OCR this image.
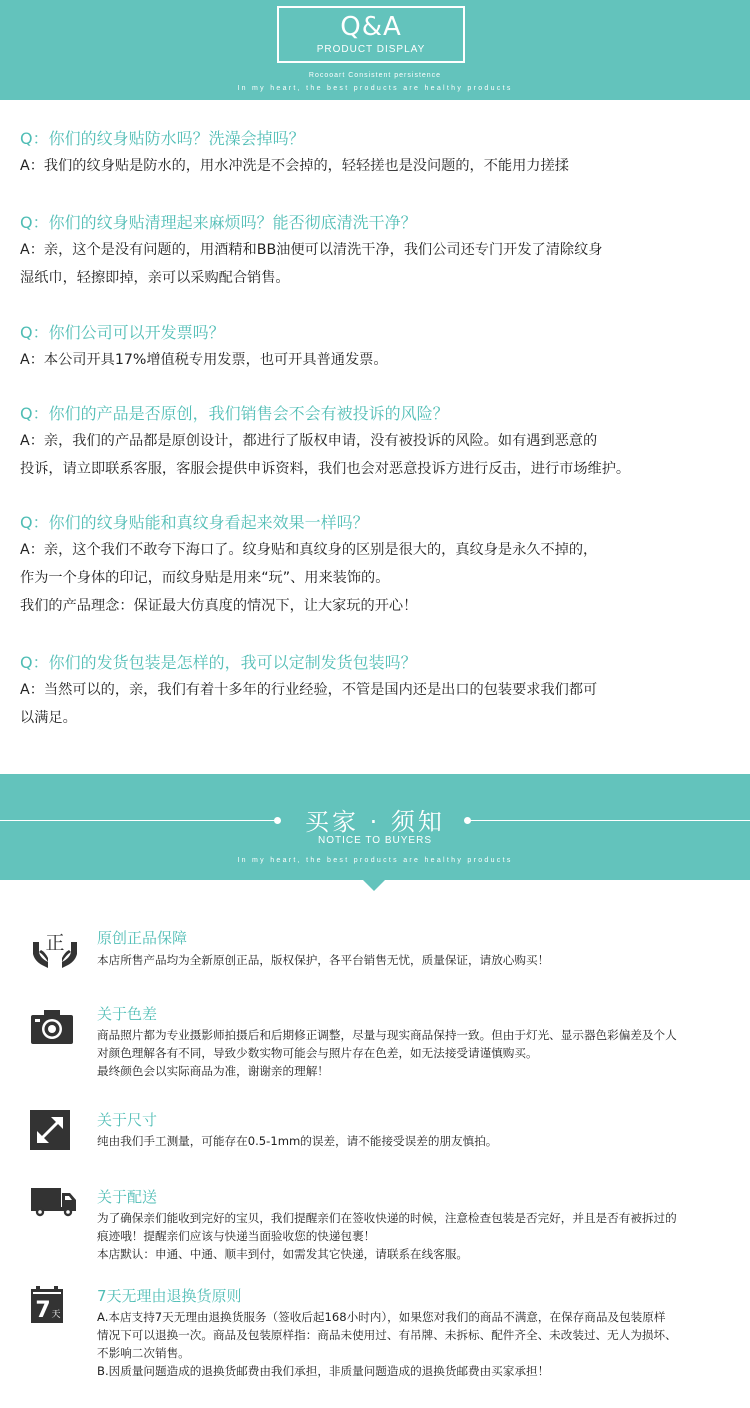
Q&A
PRODUCT DISPLAY
Rocooart Consistent persistence
In my heart, the best products are healthy products
Q：你们的纹身贴防水吗？洗澡会掉吗？
A：我们的纹身贴是防水的，用水冲洗是不会掉的，轻轻搓也是没问题的，不能用力搓揉
Q：你们的纹身贴清理起来麻烦吗？能否彻底清洗干净？
A：亲，这个是没有问题的，用酒精和BB油便可以清洗干净，我们公司还专门开发了清除纹身
湿纸巾，轻擦即掉，亲可以采购配合销售。
Q：你们公司可以开发票吗？
A：本公司开具17%增值税专用发票，也可开具普通发票。
Q：你们的产品是否原创，我们销售会不会有被投诉的风险？
A：亲，我们的产品都是原创设计，都进行了版权申请，没有被投诉的风险。如有遇到恶意的
投诉，请立即联系客服，客服会提供申诉资料，我们也会对恶意投诉方进行反击，进行市场维护。
Q：你们的纹身贴能和真纹身看起来效果一样吗？
A：亲，这个我们不敢夸下海口了。纹身贴和真纹身的区别是很大的，真纹身是永久不掉的，
作为一个身体的印记，而纹身贴是用来“玩”、用来装饰的。
我们的产品理念：保证最大仿真度的情况下，让大家玩的开心！
Q：你们的发货包装是怎样的，我可以定制发货包装吗？
A：当然可以的，亲，我们有着十多年的行业经验，不管是国内还是出口的包装要求我们都可
以满足。
买家 · 须知
NOTICE TO BUYERS
In my heart, the best products are healthy products
正 原创正品保障
本店所售产品均为全新原创正品，版权保护，各平台销售无忧，质量保证，请放心购买！
关于色差
商品照片都为专业摄影师拍摄后和后期修正调整，尽量与现实商品保持一致。但由于灯光、显示器色彩偏差及个人
对颜色理解各有不同，导致少数实物可能会与照片存在色差，如无法接受请谨慎购买。
最终颜色会以实际商品为准，谢谢亲的理解！
关于尺寸
纯由我们手工测量，可能存在0.5-1mm的误差，请不能接受误差的朋友慎拍。
关于配送
为了确保亲们能收到完好的宝贝，我们提醒亲们在签收快递的时候，注意检查包装是否完好，并且是否有被拆过的
痕迹哦！提醒亲们应该与快递当面验收您的快递包裹！
本店默认：申通、中通、顺丰到付，如需发其它快递，请联系在线客服。
7 天
7天无理由退换货原则
A.本店支持7天无理由退换货服务（签收后起168小时内），如果您对我们的商品不满意，在保存商品及包装原样
情况下可以退换一次。商品及包装原样指：商品未使用过、有吊牌、未拆标、配件齐全、未改装过、无人为损坏、
不影响二次销售。
B.因质量问题造成的退换货邮费由我们承担，非质量问题造成的退换货邮费由买家承担！
